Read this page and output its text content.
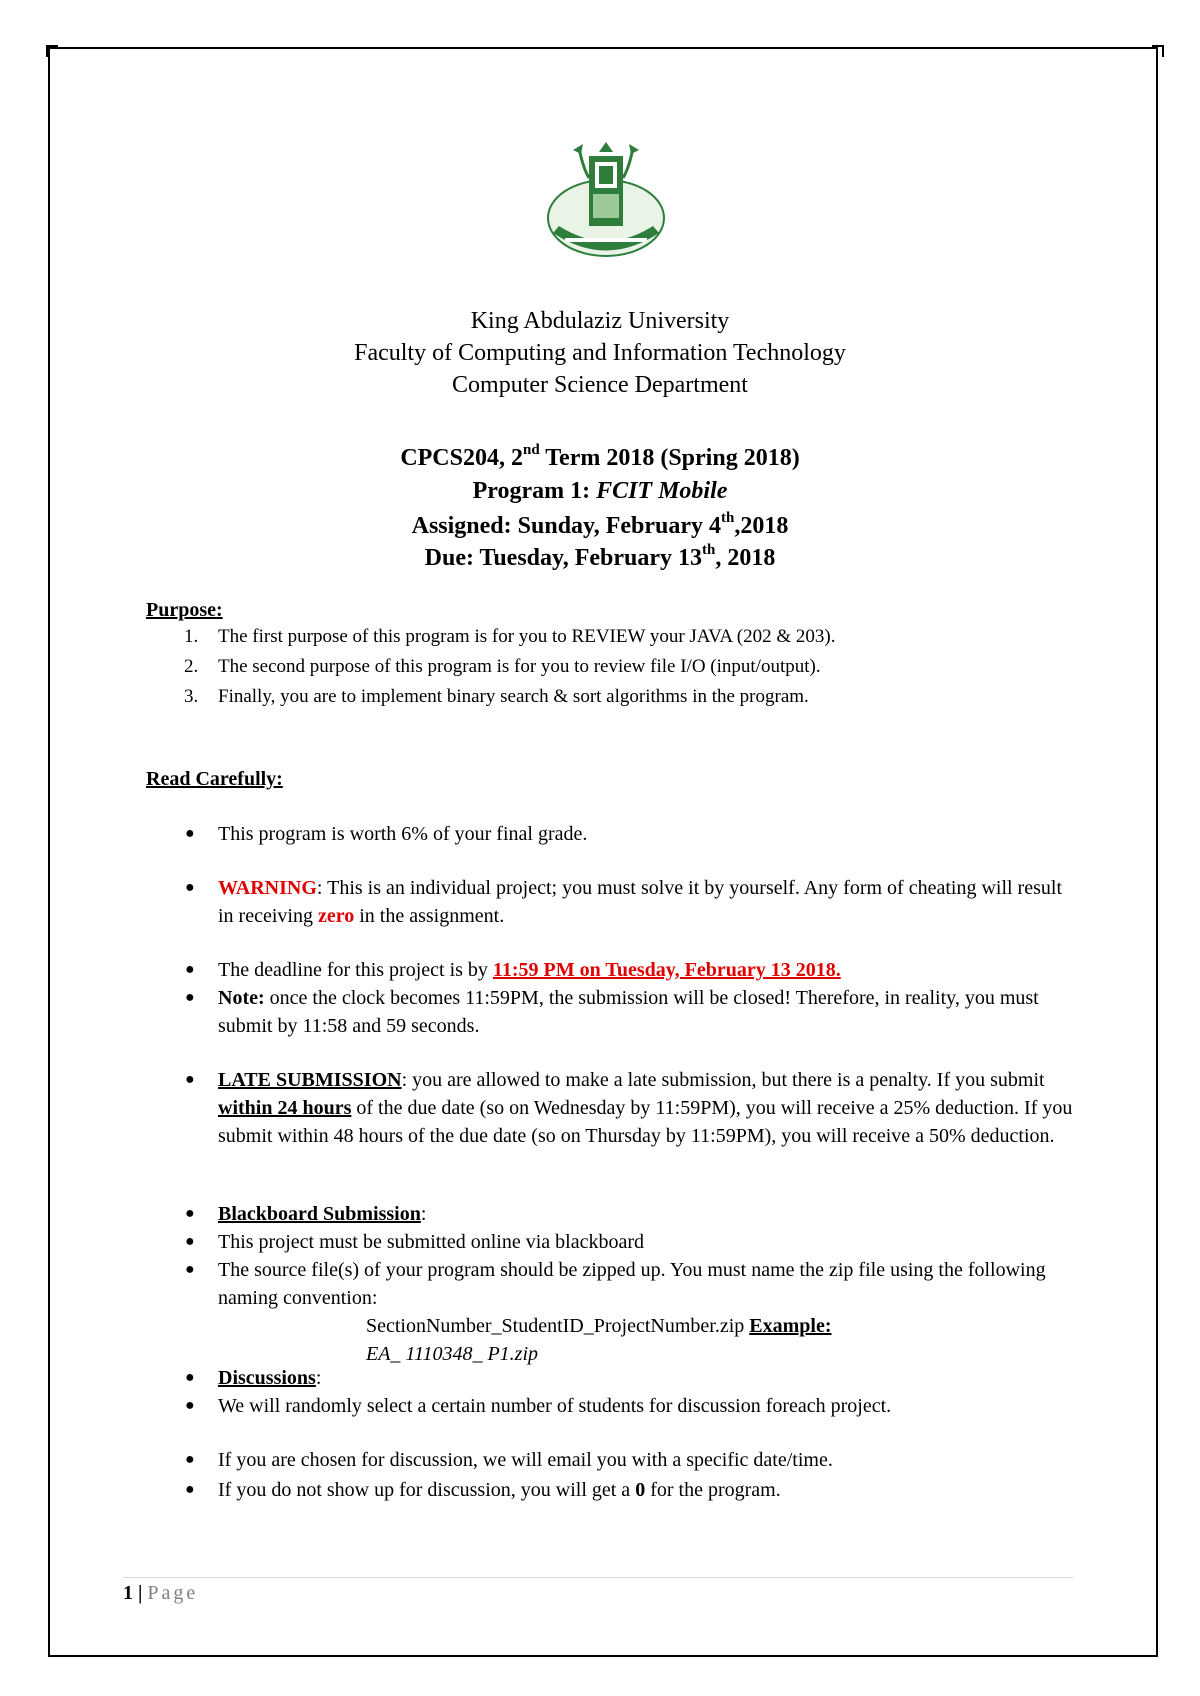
King Abdulaziz University
Faculty of Computing and Information Technology
Computer Science Department
CPCS204, 2nd Term 2018 (Spring 2018)
Program 1: FCIT Mobile
Assigned: Sunday, February 4th,2018
Due: Tuesday, February 13th, 2018
Purpose:
1. The first purpose of this program is for you to REVIEW your JAVA (202 & 203).
2. The second purpose of this program is for you to review file I/O (input/output).
3. Finally, you are to implement binary search & sort algorithms in the program.
Read Carefully:
● This program is worth 6% of your final grade.
● WARNING: This is an individual project; you must solve it by yourself. Any form of cheating will result in receiving zero in the assignment.
● The deadline for this project is by 11:59 PM on Tuesday, February 13 2018.
● Note: once the clock becomes 11:59PM, the submission will be closed! Therefore, in reality, you must submit by 11:58 and 59 seconds.
● LATE SUBMISSION: you are allowed to make a late submission, but there is a penalty. If you submit within 24 hours of the due date (so on Wednesday by 11:59PM), you will receive a 25% deduction. If you submit within 48 hours of the due date (so on Thursday by 11:59PM), you will receive a 50% deduction.
● Blackboard Submission:
● This project must be submitted online via blackboard
● The source file(s) of your program should be zipped up. You must name the zip file using the following naming convention:
SectionNumber_StudentID_ProjectNumber.zip Example:
EA_ 1110348_ P1.zip
● Discussions:
● We will randomly select a certain number of students for discussion foreach project.
● If you are chosen for discussion, we will email you with a specific date/time.
● If you do not show up for discussion, you will get a 0 for the program.
1 | Page
